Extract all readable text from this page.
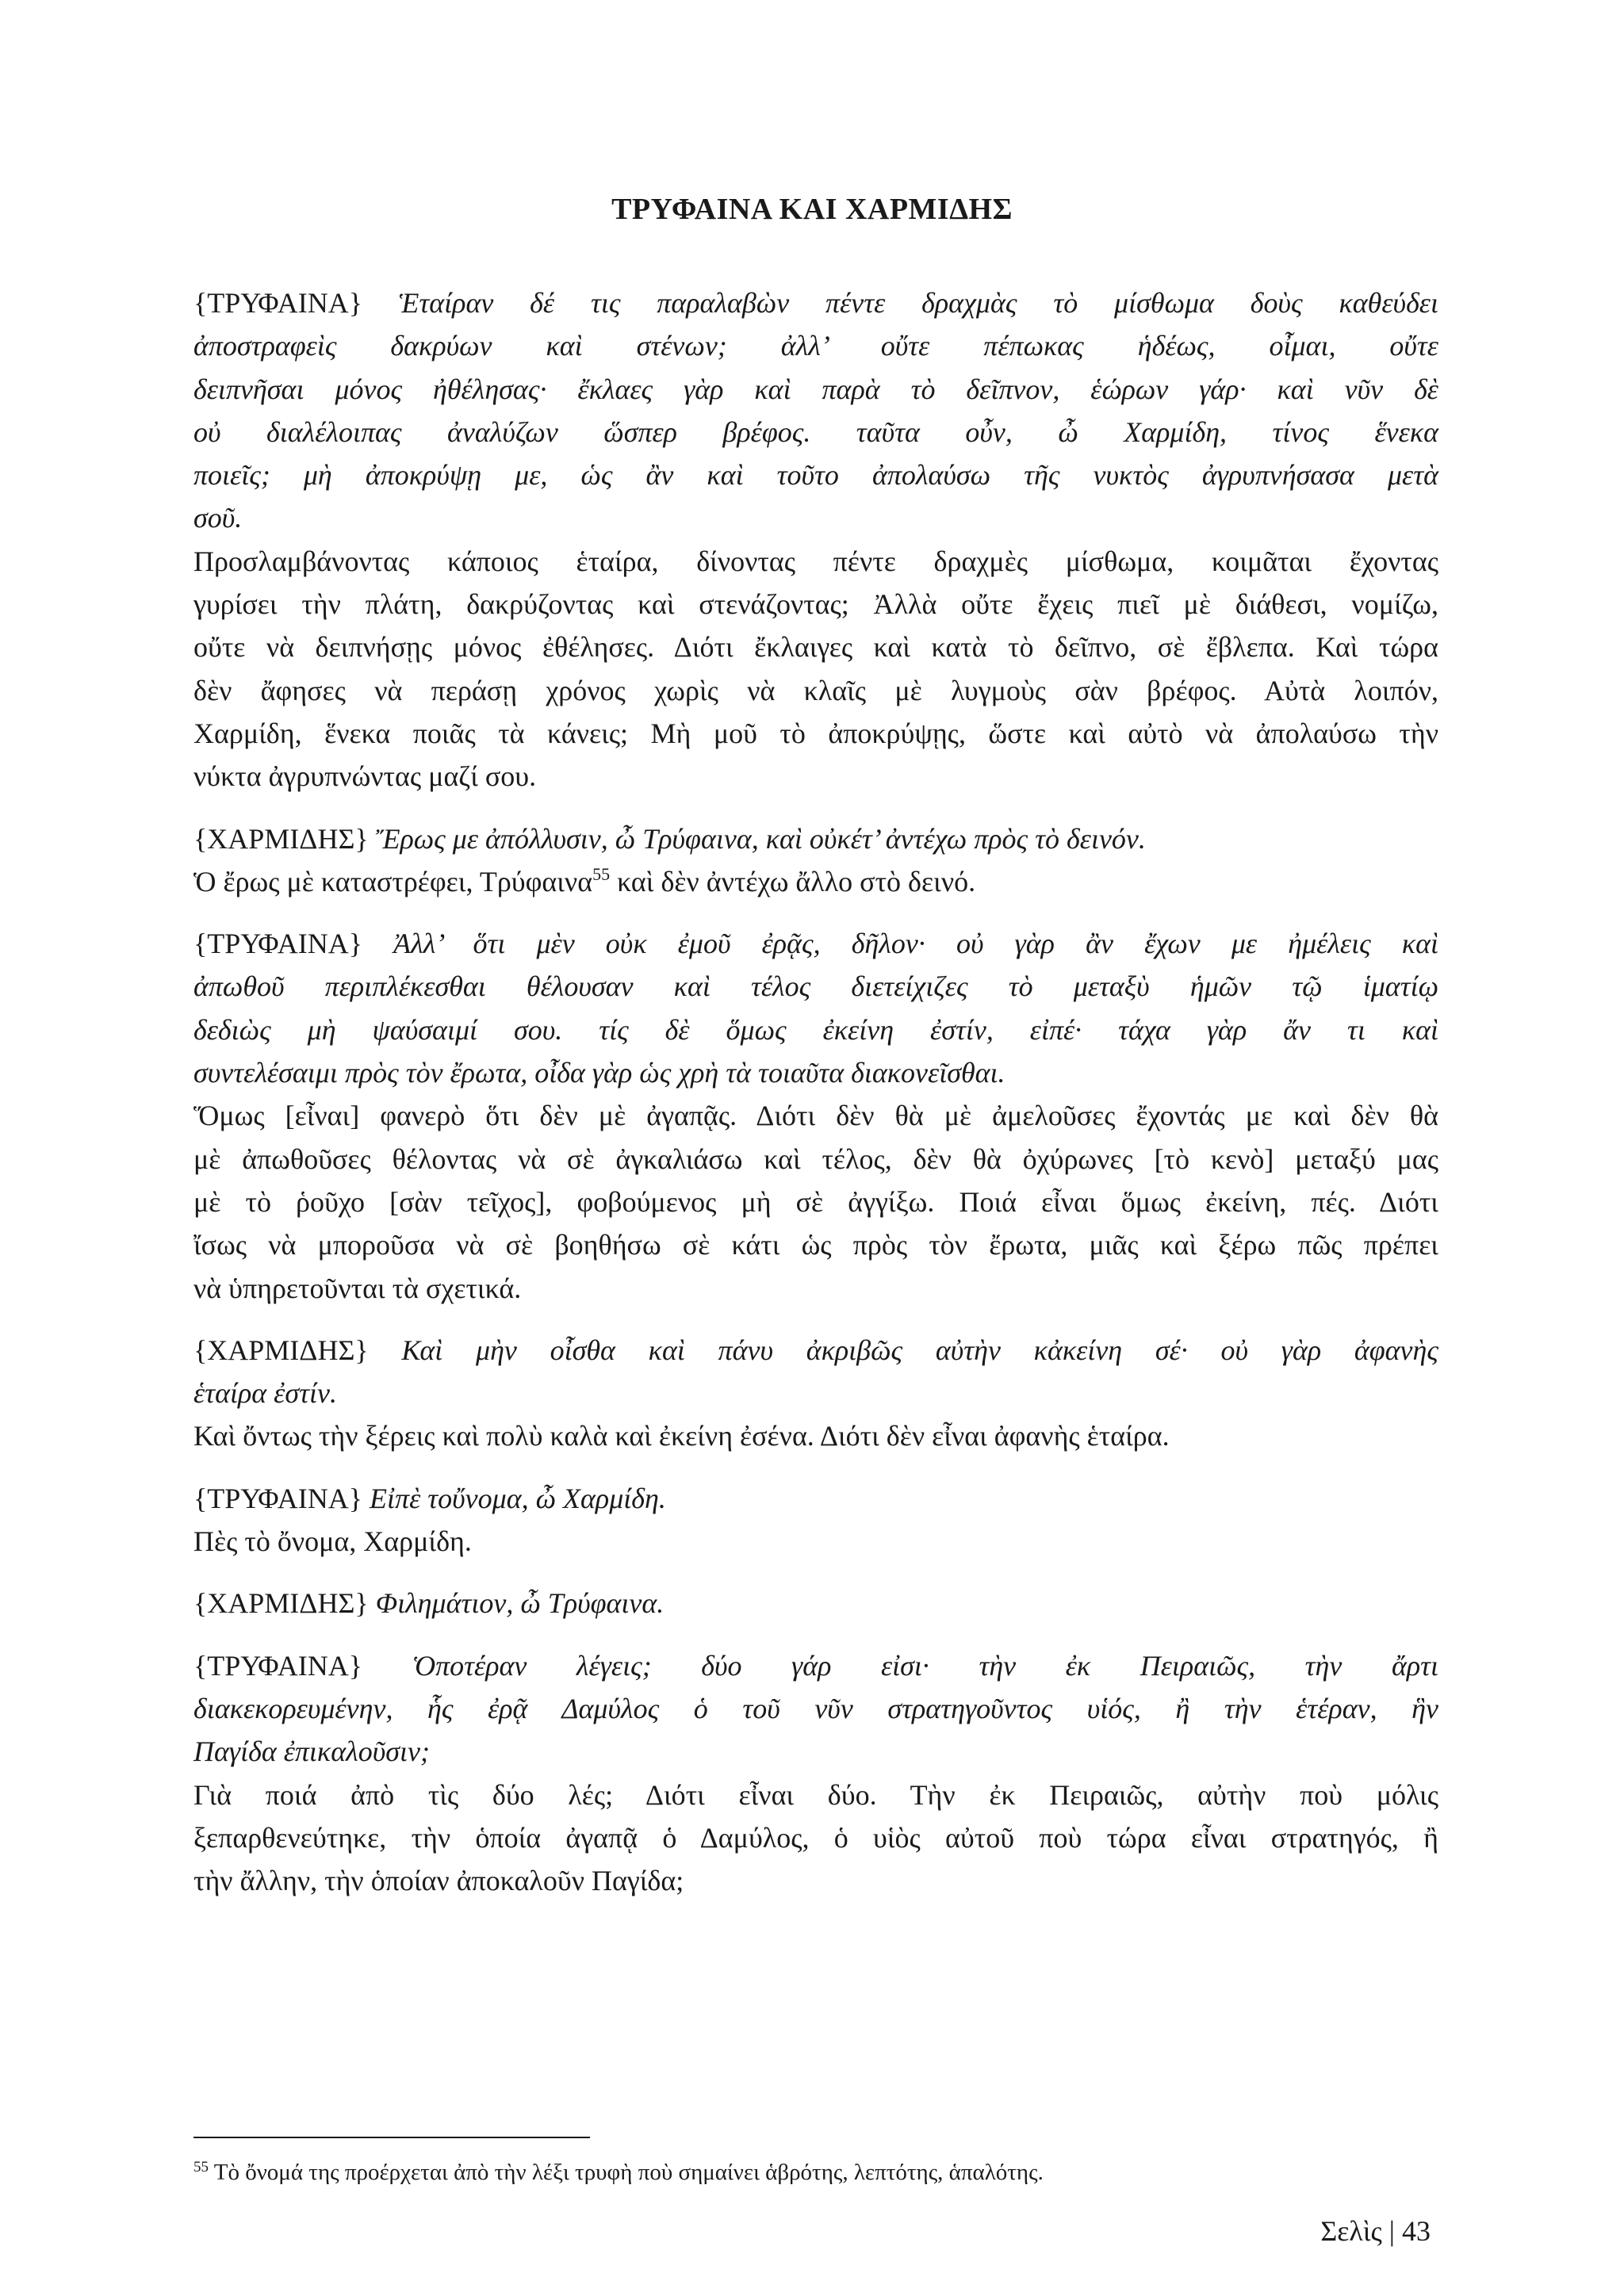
ΤΡΥΦΑΙΝΑ ΚΑΙ ΧΑΡΜΙΔΗΣ
{ΤΡΥΦΑΙΝΑ} Ἑταίραν δέ τις παραλαβὼν πέντε δραχμὰς τὸ μίσθωμα δοὺς καθεύδει
ἀποστραφεὶς δακρύων καὶ στένων; ἀλλ’ οὔτε πέπωκας ἡδέως, οἶμαι, οὔτε
δειπνῆσαι μόνος ἠθέλησας· ἔκλαες γὰρ καὶ παρὰ τὸ δεῖπνον, ἑώρων γάρ· καὶ νῦν δὲ
οὐ διαλέλοιπας ἀναλύζων ὥσπερ βρέφος. ταῦτα οὖν, ὦ Χαρμίδη, τίνος ἕνεκα
ποιεῖς; μὴ ἀποκρύψῃ με, ὡς ἂν καὶ τοῦτο ἀπολαύσω τῆς νυκτὸς ἀγρυπνήσασα μετὰ
σοῦ.
Προσλαμβάνοντας κάποιος ἑταίρα, δίνοντας πέντε δραχμὲς μίσθωμα, κοιμᾶται ἔχοντας
γυρίσει τὴν πλάτη, δακρύζοντας καὶ στενάζοντας; Ἀλλὰ οὔτε ἔχεις πιεῖ μὲ διάθεσι, νομίζω,
οὔτε νὰ δειπνήσῃς μόνος ἐθέλησες. Διότι ἔκλαιγες καὶ κατὰ τὸ δεῖπνο, σὲ ἔβλεπα. Καὶ τώρα
δὲν ἄφησες νὰ περάσῃ χρόνος χωρὶς νὰ κλαῖς μὲ λυγμοὺς σὰν βρέφος. Αὐτὰ λοιπόν,
Χαρμίδη, ἕνεκα ποιᾶς τὰ κάνεις; Μὴ μοῦ τὸ ἀποκρύψῃς, ὥστε καὶ αὐτὸ νὰ ἀπολαύσω τὴν
νύκτα ἀγρυπνώντας μαζί σου.
{ΧΑΡΜΙΔΗΣ} Ἔρως με ἀπόλλυσιν, ὦ Τρύφαινα, καὶ οὐκέτ’ ἀντέχω πρὸς τὸ δεινόν.
Ὁ ἔρως μὲ καταστρέφει, Τρύφαινα$^{55}$ καὶ δὲν ἀντέχω ἄλλο στὸ δεινό.
{ΤΡΥΦΑΙΝΑ} Ἀλλ’ ὅτι μὲν οὐκ ἐμοῦ ἐρᾷς, δῆλον· οὐ γὰρ ἂν ἔχων με ἠμέλεις καὶ
ἀπωθοῦ περιπλέκεσθαι θέλουσαν καὶ τέλος διετείχιζες τὸ μεταξὺ ἡμῶν τῷ ἱματίῳ
δεδιὼς μὴ ψαύσαιμί σου. τίς δὲ ὅμως ἐκείνη ἐστίν, εἰπέ· τάχα γὰρ ἄν τι καὶ
συντελέσαιμι πρὸς τὸν ἔρωτα, οἶδα γὰρ ὡς χρὴ τὰ τοιαῦτα διακονεῖσθαι.
Ὅμως [εἶναι] φανερὸ ὅτι δὲν μὲ ἀγαπᾷς. Διότι δὲν θὰ μὲ ἀμελοῦσες ἔχοντάς με καὶ δὲν θὰ
μὲ ἀπωθοῦσες θέλοντας νὰ σὲ ἀγκαλιάσω καὶ τέλος, δὲν θὰ ὀχύρωνες [τὸ κενὸ] μεταξύ μας
μὲ τὸ ῥοῦχο [σὰν τεῖχος], φοβούμενος μὴ σὲ ἀγγίξω. Ποιά εἶναι ὅμως ἐκείνη, πές. Διότι
ἴσως νὰ μποροῦσα νὰ σὲ βοηθήσω σὲ κάτι ὡς πρὸς τὸν ἔρωτα, μιᾶς καὶ ξέρω πῶς πρέπει
νὰ ὑπηρετοῦνται τὰ σχετικά.
{ΧΑΡΜΙΔΗΣ} Καὶ μὴν οἶσθα καὶ πάνυ ἀκριβῶς αὐτὴν κἀκείνη σέ· οὐ γὰρ ἀφανὴς
ἑταίρα ἐστίν.
Καὶ ὄντως τὴν ξέρεις καὶ πολὺ καλὰ καὶ ἐκείνη ἐσένα. Διότι δὲν εἶναι ἀφανὴς ἑταίρα.
{ΤΡΥΦΑΙΝΑ} Εἰπὲ τοὔνομα, ὦ Χαρμίδη.
Πὲς τὸ ὄνομα, Χαρμίδη.
{ΧΑΡΜΙΔΗΣ} Φιλημάτιον, ὦ Τρύφαινα.
{ΤΡΥΦΑΙΝΑ} Ὁποτέραν λέγεις; δύο γάρ εἰσι· τὴν ἐκ Πειραιῶς, τὴν ἄρτι
διακεκορευμένην, ἧς ἐρᾷ Δαμύλος ὁ τοῦ νῦν στρατηγοῦντος υἱός, ἢ τὴν ἑτέραν, ἣν
Παγίδα ἐπικαλοῦσιν;
Γιὰ ποιά ἀπὸ τὶς δύο λές; Διότι εἶναι δύο. Τὴν ἐκ Πειραιῶς, αὐτὴν ποὺ μόλις
ξεπαρθενεύτηκε, τὴν ὁποία ἀγαπᾷ ὁ Δαμύλος, ὁ υἱὸς αὐτοῦ ποὺ τώρα εἶναι στρατηγός, ἢ
τὴν ἄλλην, τὴν ὁποίαν ἀποκαλοῦν Παγίδα;
$^{55}$ Τὸ ὄνομά της προέρχεται ἀπὸ τὴν λέξι τρυφὴ ποὺ σημαίνει ἁβρότης, λεπτότης, ἁπαλότης.
Σελὶς | 43
